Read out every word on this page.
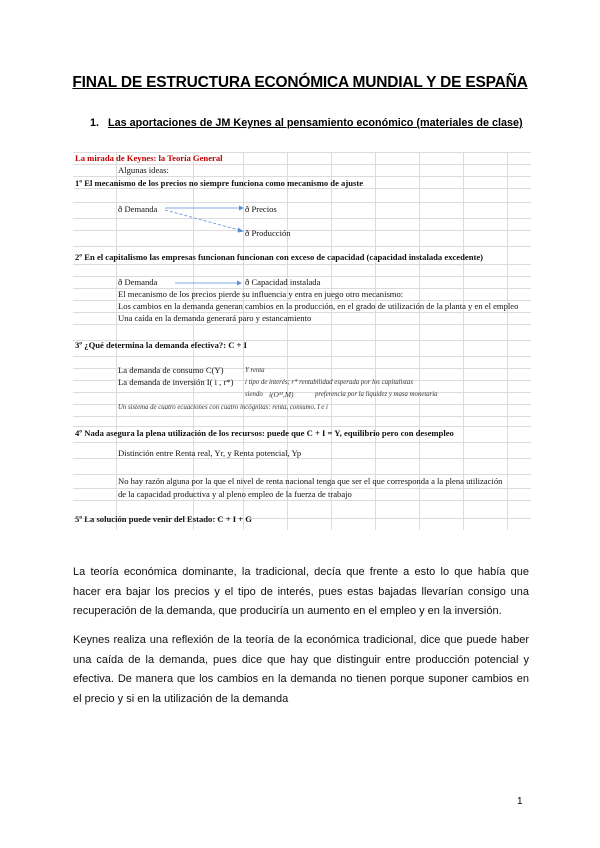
FINAL DE ESTRUCTURA ECONÓMICA MUNDIAL Y DE ESPAÑA
1. Las aportaciones de JM Keynes al pensamiento económico (materiales de clase)
La mirada de Keynes: la Teoría General
Algunas ideas:
1º El mecanismo de los precios no siempre funciona como mecanismo de ajuste
ð Demanda	ð Precios
ð Producción
2º En el capitalismo las empresas funcionan funcionan con exceso de capacidad (capacidad instalada excedente)
ð Demanda	ð Capacidad instalada
El mecanismo de los precios pierde su influencia y entra en juego otro mecanismo:
Los cambios en la demanda generan cambios en la producción, en el grado de utilización de la planta y en el empleo
Una caída en la demanda generará paro y estancamiento
3º ¿Qué determina la demanda efectiva?: C + I
La demanda de consumo C(Y)	Y renta
La demanda de inversión I( i , r*) i tipo de interés; r* rentabilidad esperada por los capitalistas
siendo i(Oᴹ,M)	preferencia por la liquidez y masa monetaria
Un sistema de cuatro ecuaciones con cuatro incógnitas: renta, consumo, I e i
4º Nada asegura la plena utilización de los recursos: puede que C + I = Y, equilibrio pero con desempleo
Distinción entre Renta real, Yr, y Renta potencial, Yp
No hay razón alguna por la que el nivel de renta nacional tenga que ser el que corresponda a la plena utilización
de la capacidad productiva y al pleno empleo de la fuerza de trabajo
5º La solución puede venir del Estado: C + I + G

La teoría económica dominante, la tradicional, decía que frente a esto lo que había que hacer era bajar los precios y el tipo de interés, pues estas bajadas llevarían consigo una recuperación de la demanda, que produciría un aumento en el empleo y en la inversión.

Keynes realiza una reflexión de la teoría de la económica tradicional, dice que puede haber una caída de la demanda, pues dice que hay que distinguir entre producción potencial y efectiva. De manera que los cambios en la demanda no tienen porque suponer cambios en el precio y si en la utilización de la demanda

1
